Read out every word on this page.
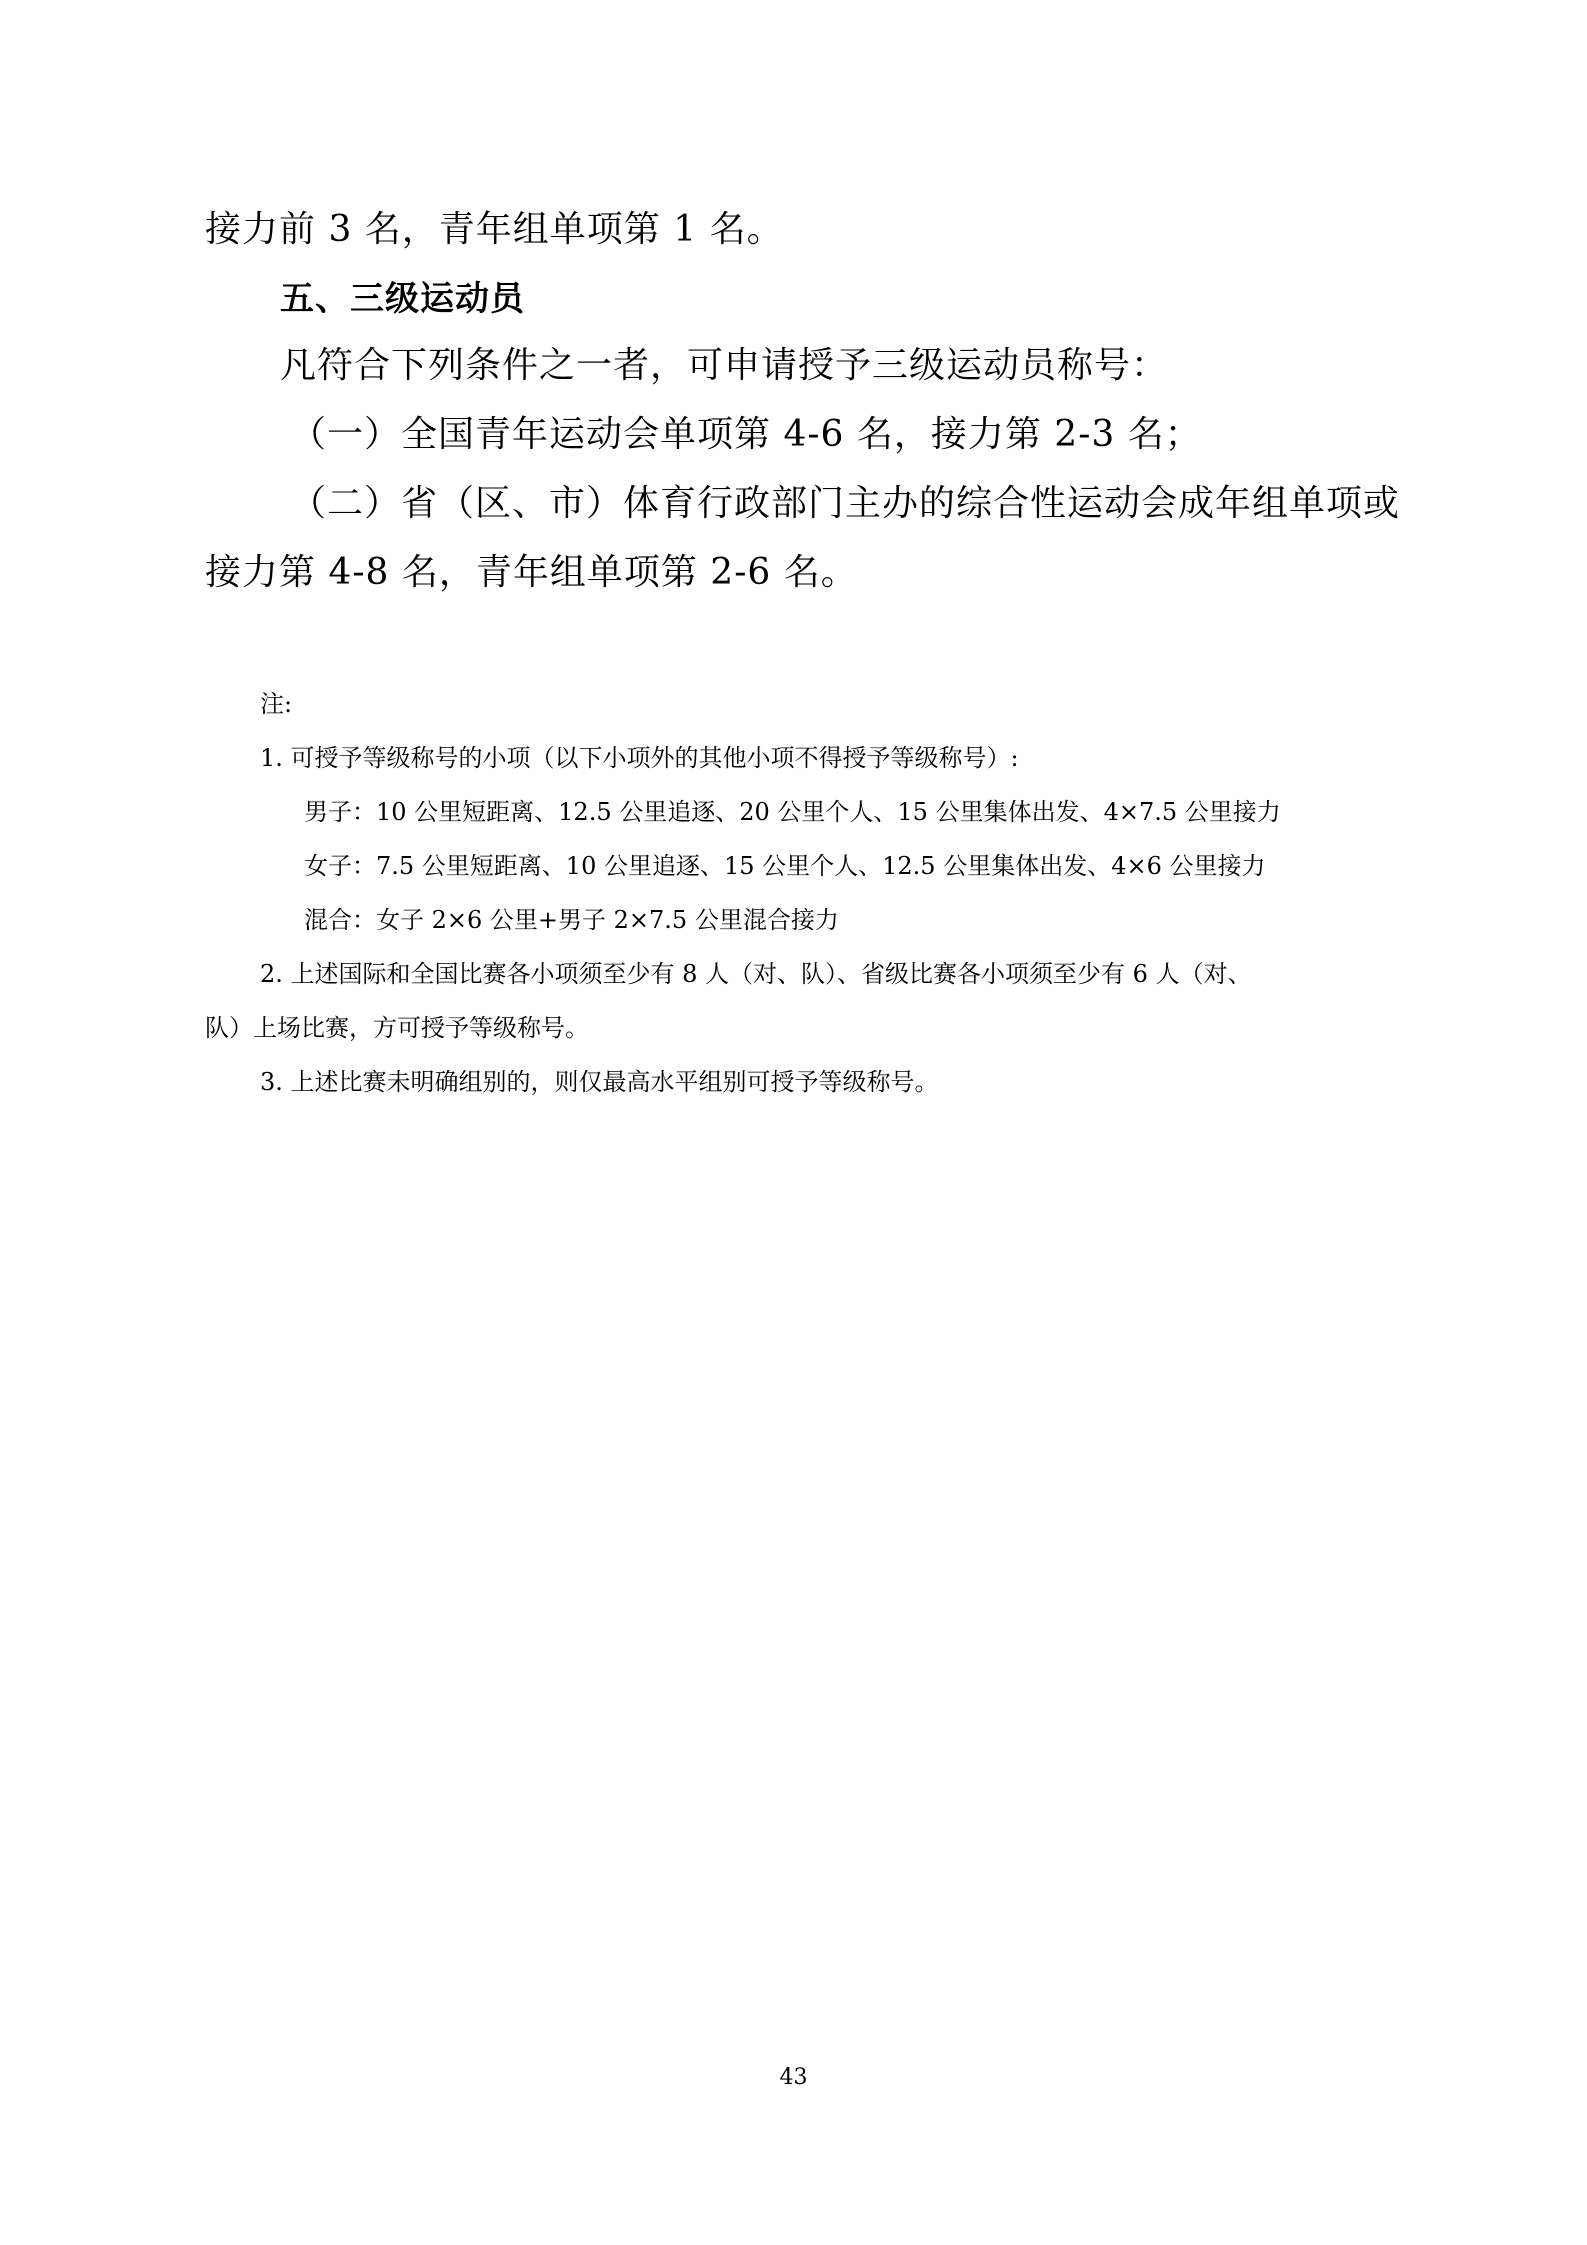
接力前 3 名，青年组单项第 1 名。
五、三级运动员
凡符合下列条件之一者，可申请授予三级运动员称号：
（一）全国青年运动会单项第 4-6 名，接力第 2-3 名；
（二）省（区、市）体育行政部门主办的综合性运动会成年组单项或
接力第 4-8 名，青年组单项第 2-6 名。
注:
1. 可授予等级称号的小项（以下小项外的其他小项不得授予等级称号）:
男子：10 公里短距离、12.5 公里追逐、20 公里个人、15 公里集体出发、4×7.5 公里接力
女子：7.5 公里短距离、10 公里追逐、15 公里个人、12.5 公里集体出发、4×6 公里接力
混合：女子 2×6 公里+男子 2×7.5 公里混合接力
2. 上述国际和全国比赛各小项须至少有 8 人（对、队）、省级比赛各小项须至少有 6 人（对、
队）上场比赛，方可授予等级称号。
3. 上述比赛未明确组别的，则仅最高水平组别可授予等级称号。
43
